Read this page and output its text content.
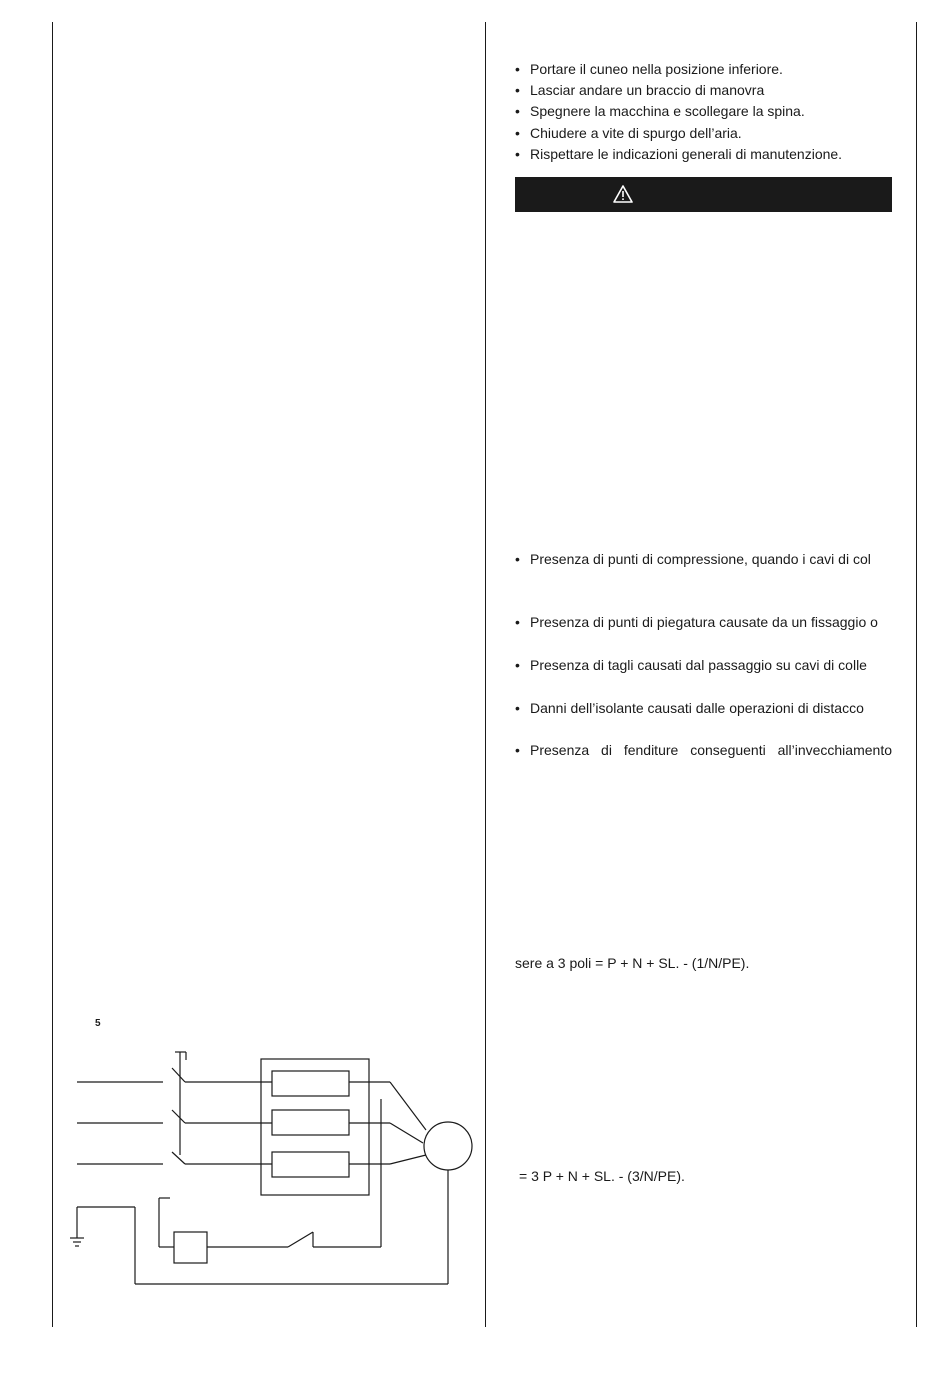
• Portare il cuneo nella posizione inferiore.
• Lasciar andare un braccio di manovra
• Spegnere la macchina e scollegare la spina.
• Chiudere a vite di spurgo dell’aria.
• Rispettare le indicazioni generali di manutenzione.
• Presenza di punti di compressione, quando i cavi di col
• Presenza di punti di piegatura causate da un fissaggio o
• Presenza di tagli causati dal passaggio su cavi di colle
• Danni dell’isolante causati dalle operazioni di distacco
• Presenza di fenditure conseguenti all’invecchiamento
sere a 3 poli = P + N + SL. - (1/N/PE).
= 3 P + N + SL. - (3/N/PE).
5
